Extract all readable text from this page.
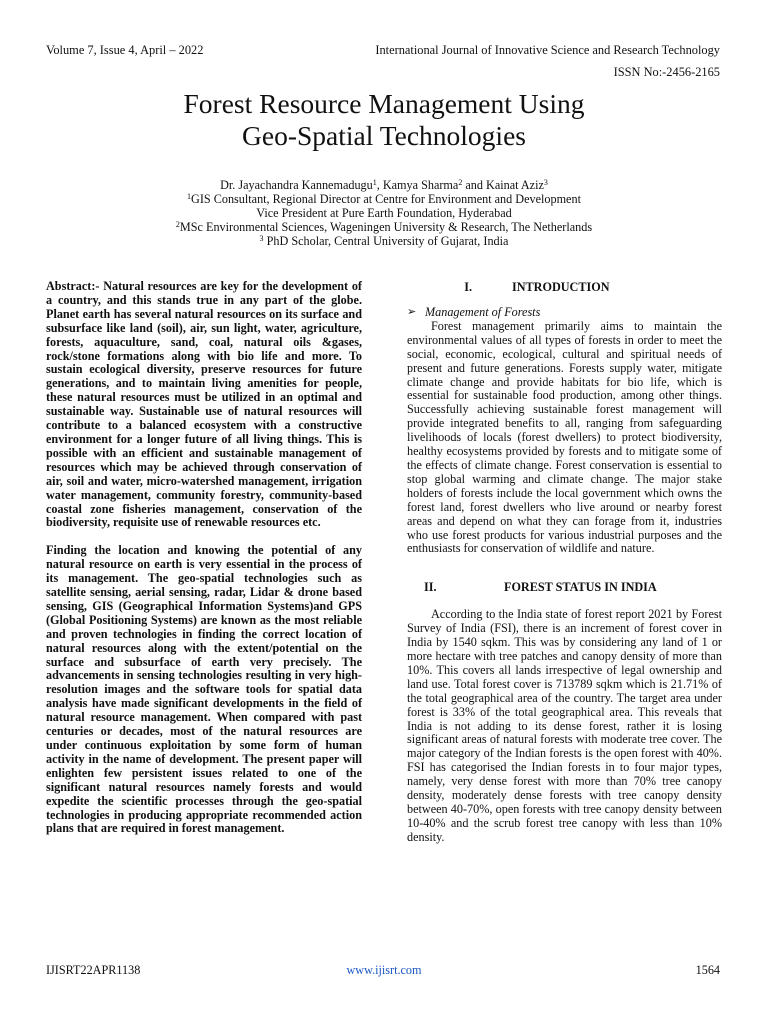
Volume 7, Issue 4, April – 2022	International Journal of Innovative Science and Research Technology
ISSN No:-2456-2165
Forest Resource Management Using
Geo-Spatial Technologies
Dr. Jayachandra Kannemadugu$^1$, Kamya Sharma$^2$ and Kainat Aziz$^3$
$^1$GIS Consultant, Regional Director at Centre for Environment and Development
Vice President at Pure Earth Foundation, Hyderabad
$^2$MSc Environmental Sciences, Wageningen University & Research, The Netherlands
$^3$ PhD Scholar, Central University of Gujarat, India

Abstract:- Natural resources are key for the development of a country, and this stands true in any part of the globe. Planet earth has several natural resources on its surface and subsurface like land (soil), air, sun light, water, agriculture, forests, aquaculture, sand, coal, natural oils &gases, rock/stone formations along with bio life and more. To sustain ecological diversity, preserve resources for future generations, and to maintain living amenities for people, these natural resources must be utilized in an optimal and sustainable way. Sustainable use of natural resources will contribute to a balanced ecosystem with a constructive environment for a longer future of all living things. This is possible with an efficient and sustainable management of resources which may be achieved through conservation of air, soil and water, micro-watershed management, irrigation water management, community forestry, community-based coastal zone fisheries management, conservation of the biodiversity, requisite use of renewable resources etc.

Finding the location and knowing the potential of any natural resource on earth is very essential in the process of its management. The geo-spatial technologies such as satellite sensing, aerial sensing, radar, Lidar & drone based sensing, GIS (Geographical Information Systems)and GPS (Global Positioning Systems) are known as the most reliable and proven technologies in finding the correct location of natural resources along with the extent/potential on the surface and subsurface of earth very precisely. The advancements in sensing technologies resulting in very high-resolution images and the software tools for spatial data analysis have made significant developments in the field of natural resource management. When compared with past centuries or decades, most of the natural resources are under continuous exploitation by some form of human activity in the name of development. The present paper will enlighten few persistent issues related to one of the significant natural resources namely forests and would expedite the scientific processes through the geo-spatial technologies in producing appropriate recommended action plans that are required in forest management.

I.	INTRODUCTION
➢ Management of Forests

Forest management primarily aims to maintain the environmental values of all types of forests in order to meet the social, economic, ecological, cultural and spiritual needs of present and future generations. Forests supply water, mitigate climate change and provide habitats for bio life, which is essential for sustainable food production, among other things. Successfully achieving sustainable forest management will provide integrated benefits to all, ranging from safeguarding livelihoods of locals (forest dwellers) to protect biodiversity, healthy ecosystems provided by forests and to mitigate some of the effects of climate change. Forest conservation is essential to stop global warming and climate change. The major stake holders of forests include the local government which owns the forest land, forest dwellers who live around or nearby forest areas and depend on what they can forage from it, industries who use forest products for various industrial purposes and the enthusiasts for conservation of wildlife and nature.

II.	FOREST STATUS IN INDIA

According to the India state of forest report 2021 by Forest Survey of India (FSI), there is an increment of forest cover in India by 1540 sqkm. This was by considering any land of 1 or more hectare with tree patches and canopy density of more than 10%. This covers all lands irrespective of legal ownership and land use. Total forest cover is 713789 sqkm which is 21.71% of the total geographical area of the country. The target area under forest is 33% of the total geographical area. This reveals that India is not adding to its dense forest, rather it is losing significant areas of natural forests with moderate tree cover. The major category of the Indian forests is the open forest with 40%. FSI has categorised the Indian forests in to four major types, namely, very dense forest with more than 70% tree canopy density, moderately dense forests with tree canopy density between 40-70%, open forests with tree canopy density between 10-40% and the scrub forest tree canopy with less than 10% density.

IJISRT22APR1138	www.ijisrt.com	1564
